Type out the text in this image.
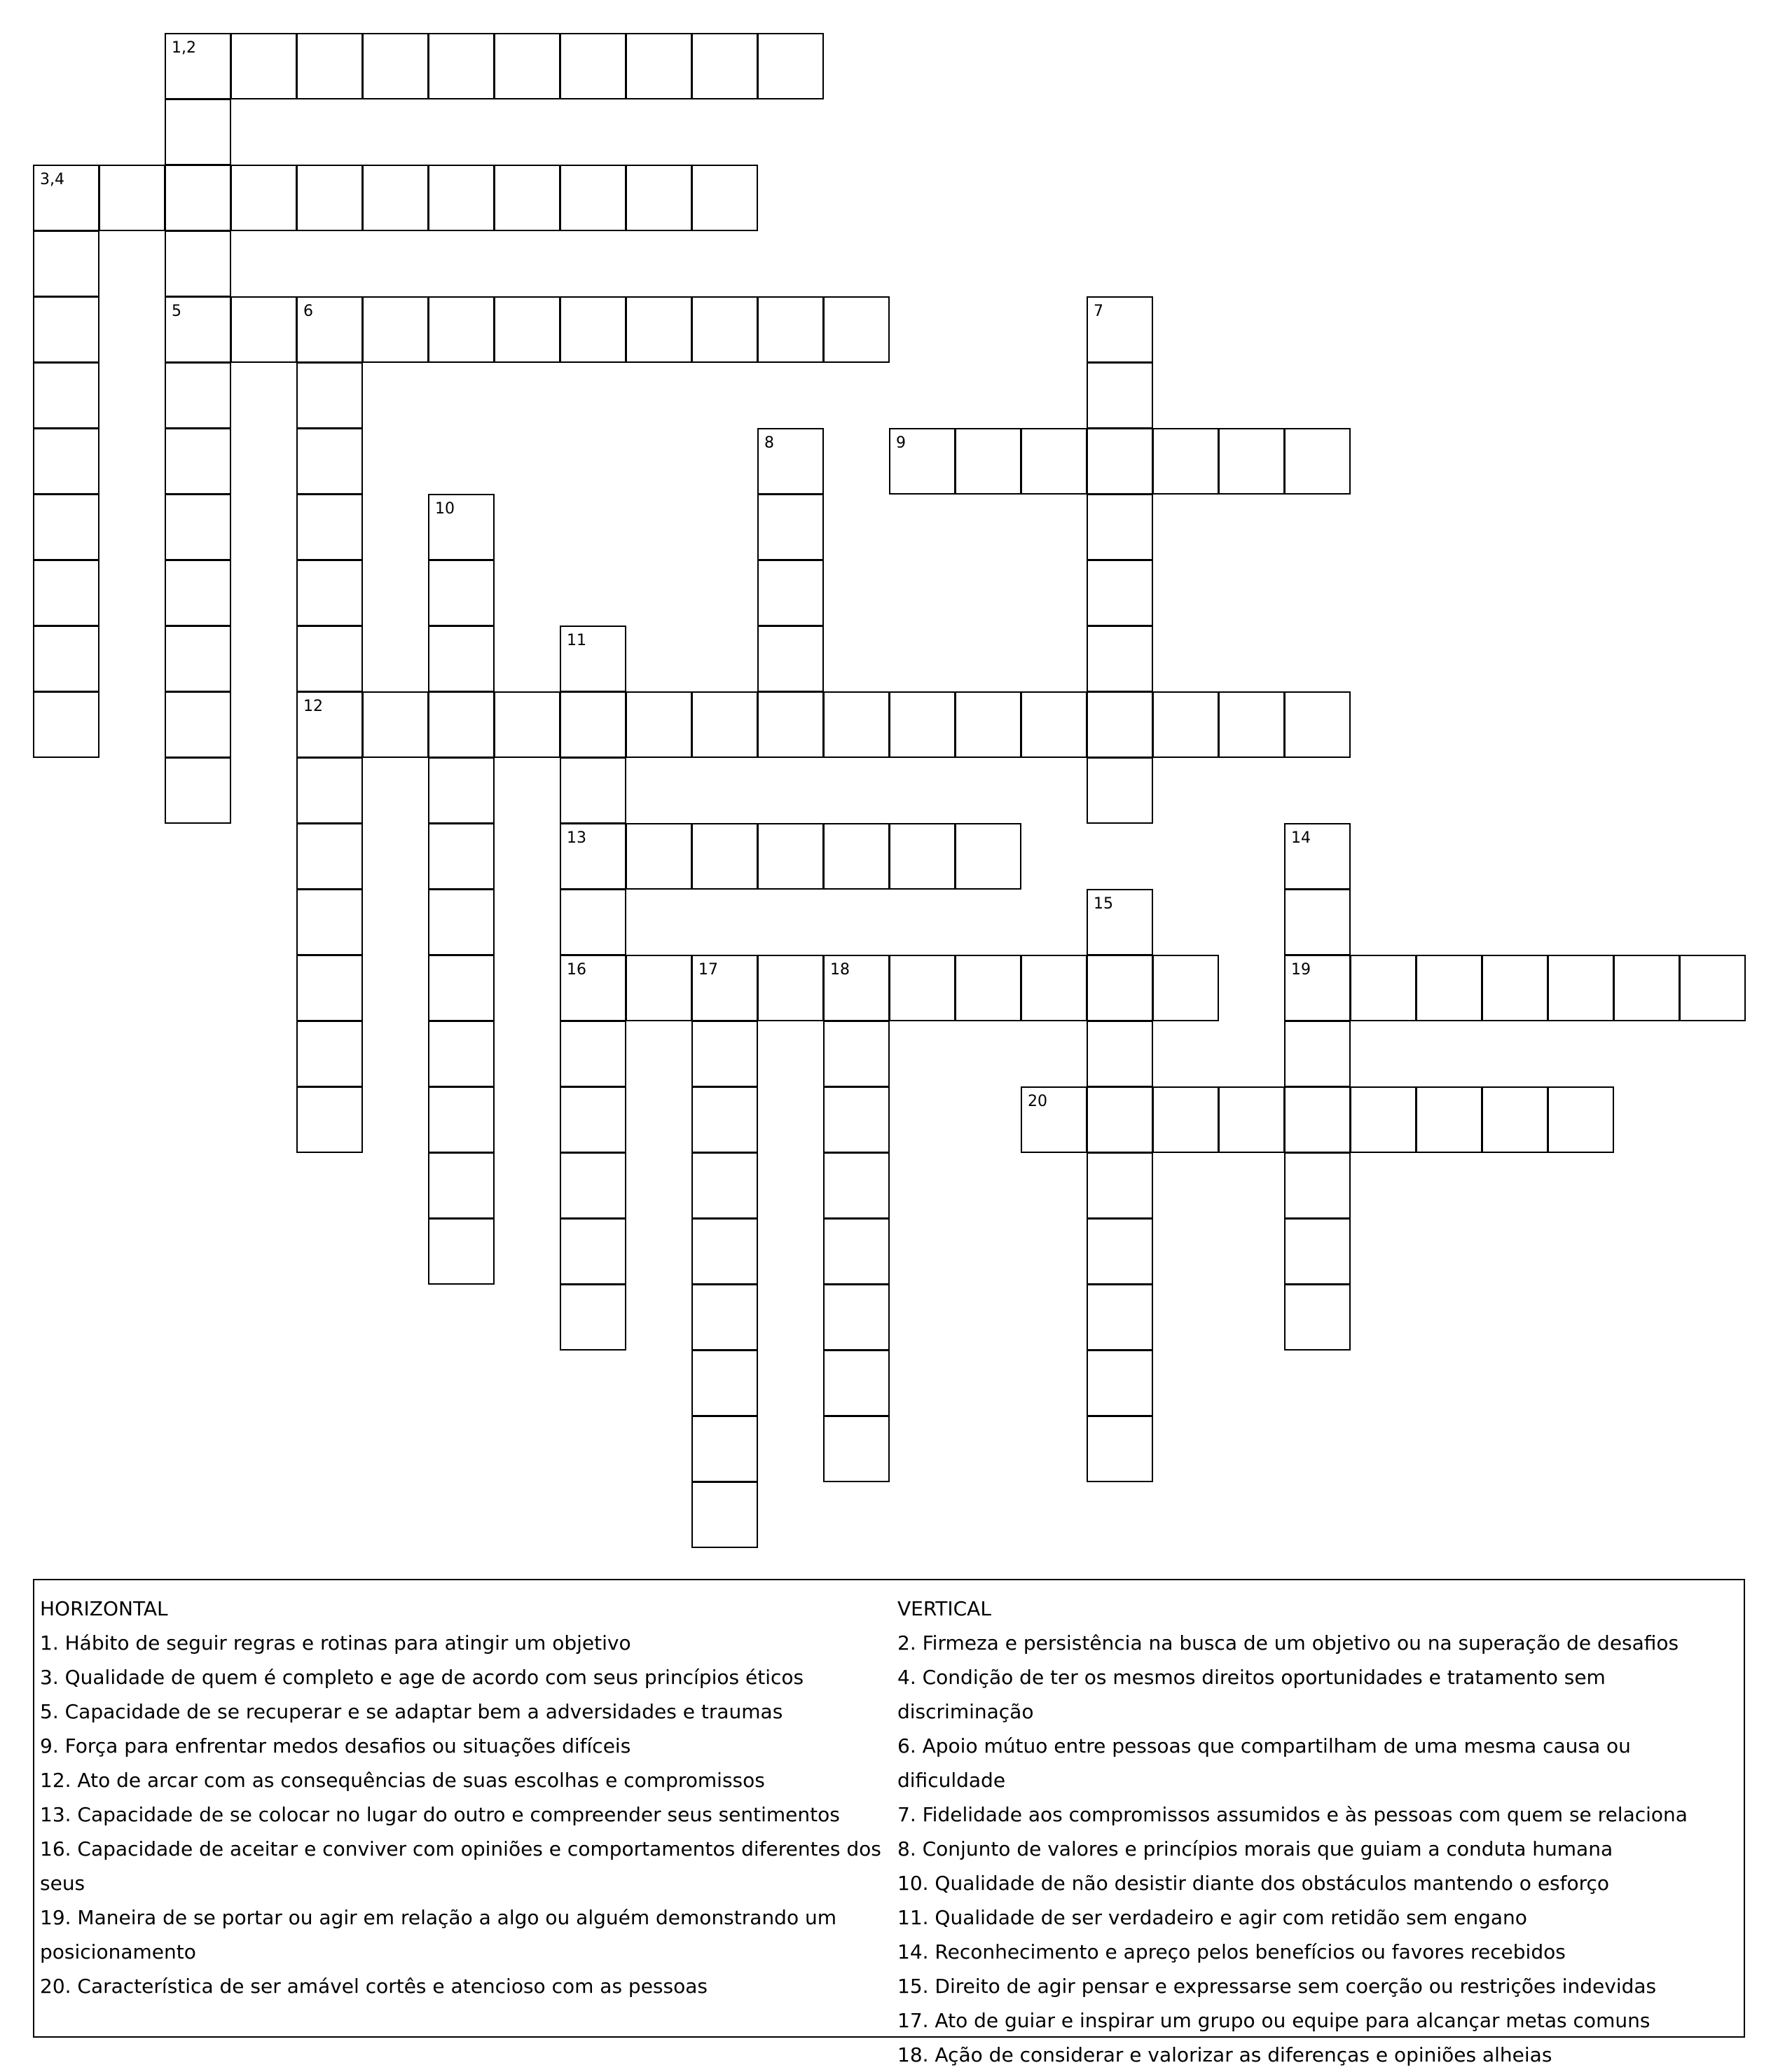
1,2
3,4
5	6	7
8	9
10
11
12
13	14
15
16	17	18	19
20
HORIZONTAL
1. Hábito de seguir regras e rotinas para atingir um objetivo
3. Qualidade de quem é completo e age de acordo com seus princípios éticos
5. Capacidade de se recuperar e se adaptar bem a adversidades e traumas
9. Força para enfrentar medos desafios ou situações difíceis
12. Ato de arcar com as consequências de suas escolhas e compromissos
13. Capacidade de se colocar no lugar do outro e compreender seus sentimentos
16. Capacidade de aceitar e conviver com opiniões e comportamentos diferentes dos seus
19. Maneira de se portar ou agir em relação a algo ou alguém demonstrando um posicionamento
20. Característica de ser amável cortês e atencioso com as pessoas
VERTICAL
2. Firmeza e persistência na busca de um objetivo ou na superação de desafios
4. Condição de ter os mesmos direitos oportunidades e tratamento sem discriminação
6. Apoio mútuo entre pessoas que compartilham de uma mesma causa ou dificuldade
7. Fidelidade aos compromissos assumidos e às pessoas com quem se relaciona
8. Conjunto de valores e princípios morais que guiam a conduta humana
10. Qualidade de não desistir diante dos obstáculos mantendo o esforço
11. Qualidade de ser verdadeiro e agir com retidão sem engano
14. Reconhecimento e apreço pelos benefícios ou favores recebidos
15. Direito de agir pensar e expressarse sem coerção ou restrições indevidas
17. Ato de guiar e inspirar um grupo ou equipe para alcançar metas comuns
18. Ação de considerar e valorizar as diferenças e opiniões alheias
